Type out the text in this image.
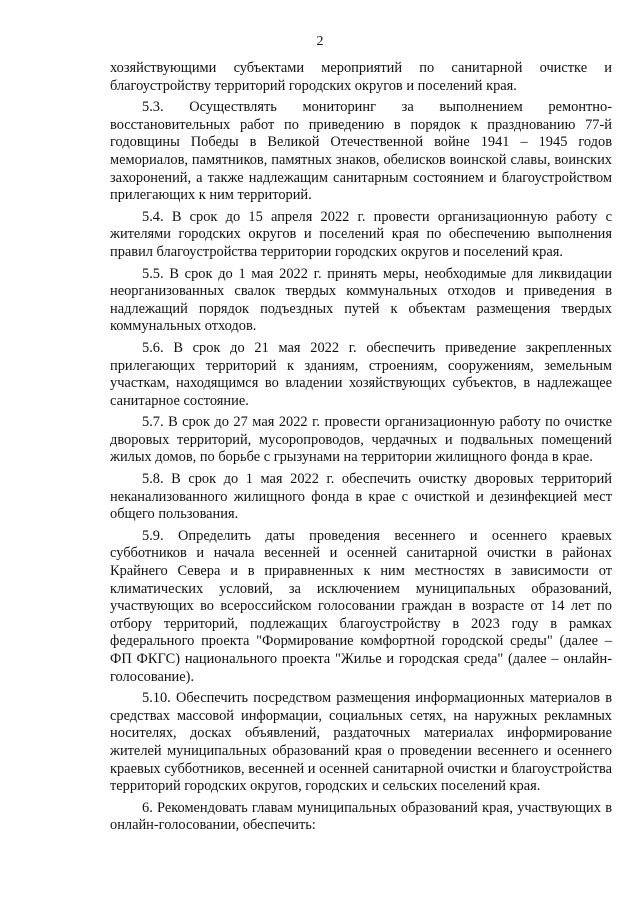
2

хозяйствующими субъектами мероприятий по санитарной очистке и благоустройству территорий городских округов и поселений края.

5.3. Осуществлять мониторинг за выполнением ремонтно-восстановительных работ по приведению в порядок к празднованию 77-й годовщины Победы в Великой Отечественной войне 1941 – 1945 годов мемориалов, памятников, памятных знаков, обелисков воинской славы, воинских захоронений, а также надлежащим санитарным состоянием и благоустройством прилегающих к ним территорий.

5.4. В срок до 15 апреля 2022 г. провести организационную работу с жителями городских округов и поселений края по обеспечению выполнения правил благоустройства территории городских округов и поселений края.

5.5. В срок до 1 мая 2022 г. принять меры, необходимые для ликвидации неорганизованных свалок твердых коммунальных отходов и приведения в надлежащий порядок подъездных путей к объектам размещения твердых коммунальных отходов.

5.6. В срок до 21 мая 2022 г. обеспечить приведение закрепленных прилегающих территорий к зданиям, строениям, сооружениям, земельным участкам, находящимся во владении хозяйствующих субъектов, в надлежащее санитарное состояние.

5.7. В срок до 27 мая 2022 г. провести организационную работу по очистке дворовых территорий, мусоропроводов, чердачных и подвальных помещений жилых домов, по борьбе с грызунами на территории жилищного фонда в крае.

5.8. В срок до 1 мая 2022 г. обеспечить очистку дворовых территорий неканализованного жилищного фонда в крае с очисткой и дезинфекцией мест общего пользования.

5.9. Определить даты проведения весеннего и осеннего краевых субботников и начала весенней и осенней санитарной очистки в районах Крайнего Севера и в приравненных к ним местностях в зависимости от климатических условий, за исключением муниципальных образований, участвующих во всероссийском голосовании граждан в возрасте от 14 лет по отбору территорий, подлежащих благоустройству в 2023 году в рамках федерального проекта "Формирование комфортной городской среды" (далее – ФП ФКГС) национального проекта "Жилье и городская среда" (далее – онлайн-голосование).

5.10. Обеспечить посредством размещения информационных материалов в средствах массовой информации, социальных сетях, на наружных рекламных носителях, досках объявлений, раздаточных материалах информирование жителей муниципальных образований края о проведении весеннего и осеннего краевых субботников, весенней и осенней санитарной очистки и благоустройства территорий городских округов, городских и сельских поселений края.

6. Рекомендовать главам муниципальных образований края, участвующих в онлайн-голосовании, обеспечить:
